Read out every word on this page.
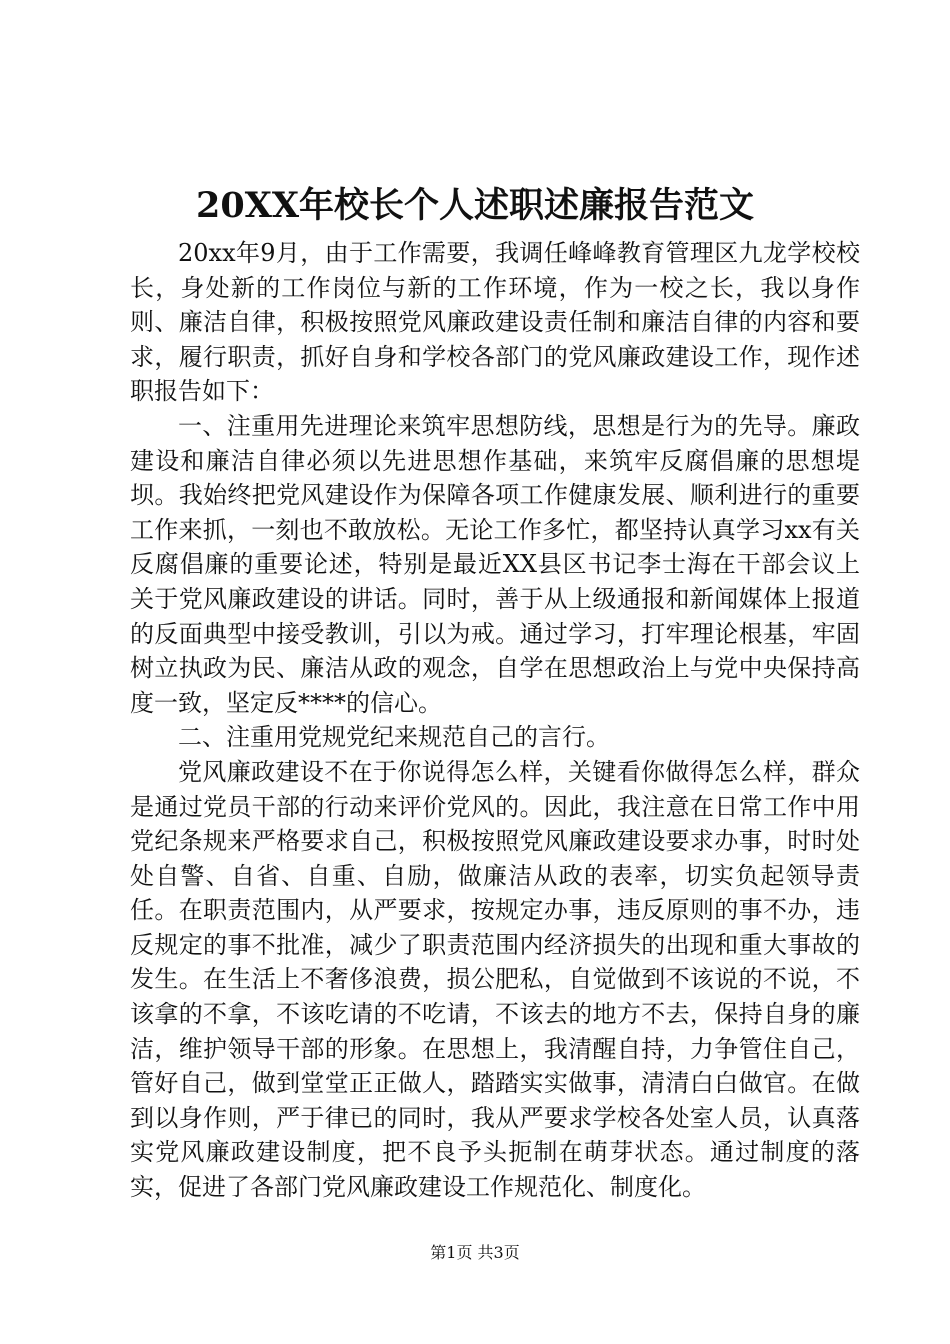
20XX年校长个人述职述廉报告范文

20xx年9月，由于工作需要，我调任峰峰教育管理区九龙学校校长，身处新的工作岗位与新的工作环境，作为一校之长，我以身作则、廉洁自律，积极按照党风廉政建设责任制和廉洁自律的内容和要求，履行职责，抓好自身和学校各部门的党风廉政建设工作，现作述职报告如下：

一、注重用先进理论来筑牢思想防线，思想是行为的先导。廉政建设和廉洁自律必须以先进思想作基础，来筑牢反腐倡廉的思想堤坝。我始终把党风建设作为保障各项工作健康发展、顺利进行的重要工作来抓，一刻也不敢放松。无论工作多忙，都坚持认真学习xx有关反腐倡廉的重要论述，特别是最近XX县区书记李士海在干部会议上关于党风廉政建设的讲话。同时，善于从上级通报和新闻媒体上报道的反面典型中接受教训，引以为戒。通过学习，打牢理论根基，牢固树立执政为民、廉洁从政的观念，自学在思想政治上与党中央保持高度一致，坚定反****的信心。

二、注重用党规党纪来规范自己的言行。

党风廉政建设不在于你说得怎么样，关键看你做得怎么样，群众是通过党员干部的行动来评价党风的。因此，我注意在日常工作中用党纪条规来严格要求自己，积极按照党风廉政建设要求办事，时时处处自警、自省、自重、自励，做廉洁从政的表率，切实负起领导责任。在职责范围内，从严要求，按规定办事，违反原则的事不办，违反规定的事不批准，减少了职责范围内经济损失的出现和重大事故的发生。在生活上不奢侈浪费，损公肥私，自觉做到不该说的不说，不该拿的不拿，不该吃请的不吃请，不该去的地方不去，保持自身的廉洁，维护领导干部的形象。在思想上，我清醒自持，力争管住自己，管好自己，做到堂堂正正做人，踏踏实实做事，清清白白做官。在做到以身作则，严于律已的同时，我从严要求学校各处室人员，认真落实党风廉政建设制度，把不良予头扼制在萌芽状态。通过制度的落实，促进了各部门党风廉政建设工作规范化、制度化。

第1页 共3页
